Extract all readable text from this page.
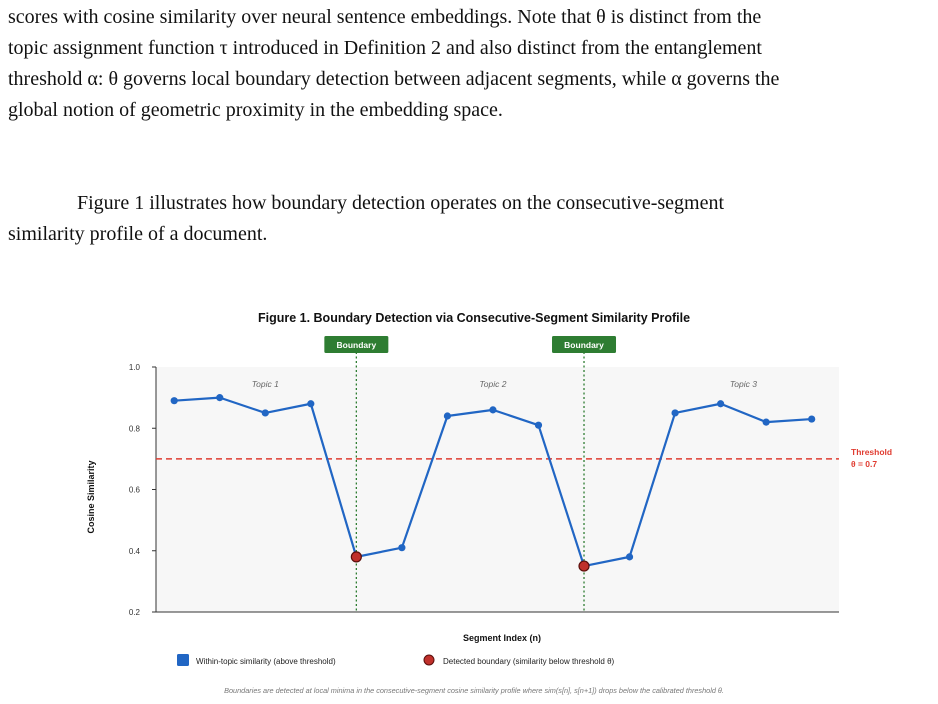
scores with cosine similarity over neural sentence embeddings. Note that θ is distinct from the
topic assignment function τ introduced in Definition 2 and also distinct from the entanglement
threshold α: θ governs local boundary detection between adjacent segments, while α governs the
global notion of geometric proximity in the embedding space.

Figure 1 illustrates how boundary detection operates on the consecutive-segment
similarity profile of a document.

Figure 1. Boundary Detection via Consecutive-Segment Similarity Profile
0.2
0.4
0.6
0.8
1.0
Boundary	Boundary
Topic 1	Topic 2	Topic 3
Threshold
θ = 0.7
Segment Index (n)
Cosine Similarity
Within-topic similarity (above threshold)	Detected boundary (similarity below threshold θ)
Boundaries are detected at local minima in the consecutive-segment cosine similarity profile where sim(s[n], s[n+1]) drops below the calibrated threshold θ.
